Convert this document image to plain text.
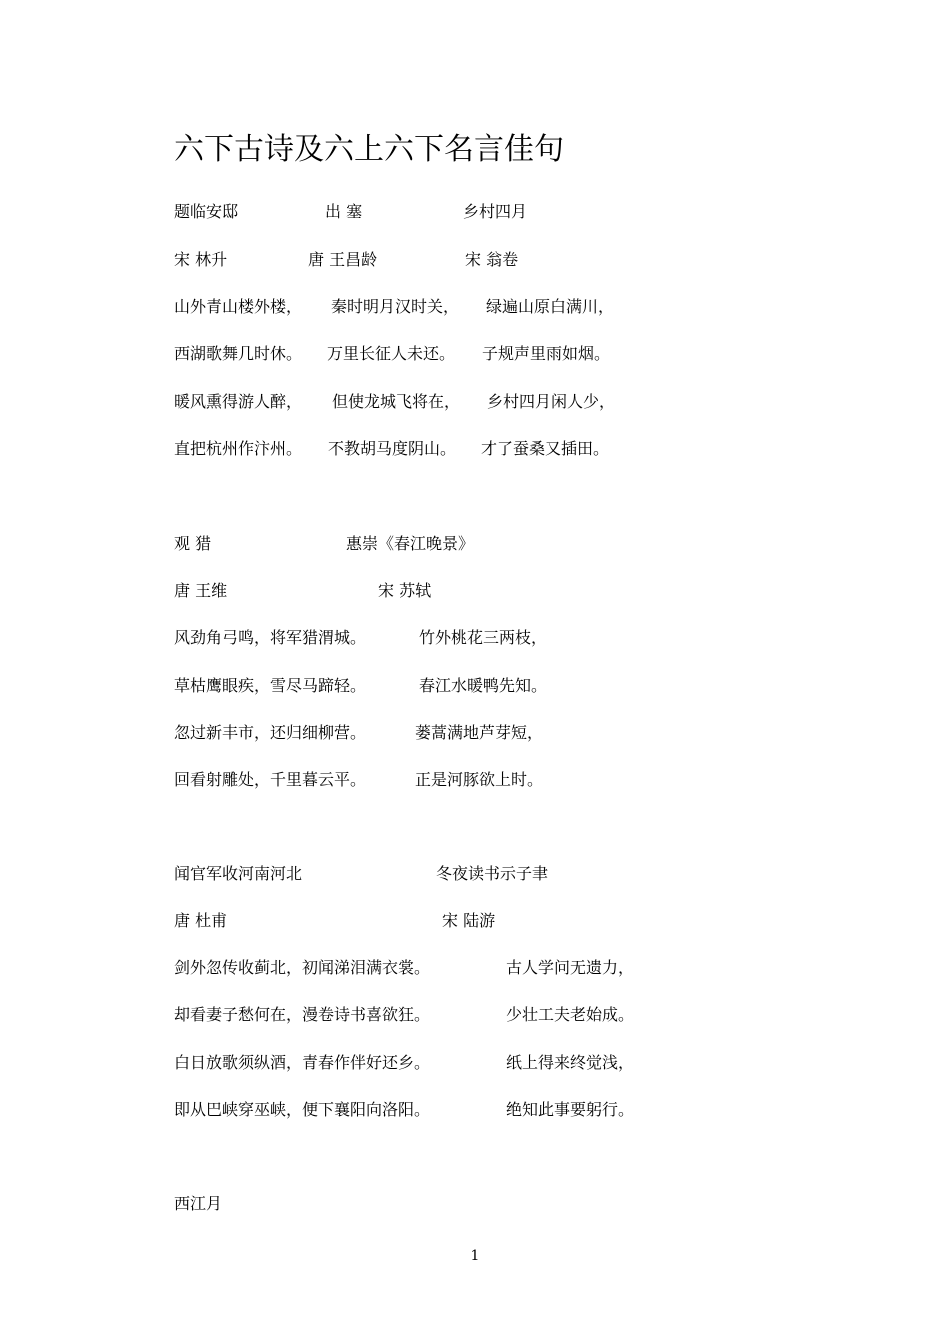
六下古诗及六上六下名言佳句
题临安邸	出 塞	乡村四月
宋 林升	唐 王昌龄	宋 翁卷
山外青山楼外楼， 秦时明月汉时关， 绿遍山原白满川，
西湖歌舞几时休。 万里长征人未还。 子规声里雨如烟。
暖风熏得游人醉， 但使龙城飞将在， 乡村四月闲人少，
直把杭州作汴州。 不教胡马度阴山。 才了蚕桑又插田。
观 猎	惠崇《春江晚景》
唐 王维	宋 苏轼
风劲角弓鸣，将军猎渭城。	竹外桃花三两枝，
草枯鹰眼疾，雪尽马蹄轻。	春江水暖鸭先知。
忽过新丰市，还归细柳营。	蒌蒿满地芦芽短，
回看射雕处，千里暮云平。	正是河豚欲上时。
闻官军收河南河北	冬夜读书示子聿
唐 杜甫	宋 陆游
剑外忽传收蓟北，初闻涕泪满衣裳。	古人学问无遗力，
却看妻子愁何在，漫卷诗书喜欲狂。	少壮工夫老始成。
白日放歌须纵酒，青春作伴好还乡。	纸上得来终觉浅，
即从巴峡穿巫峡，便下襄阳向洛阳。	绝知此事要躬行。
西江月
1
